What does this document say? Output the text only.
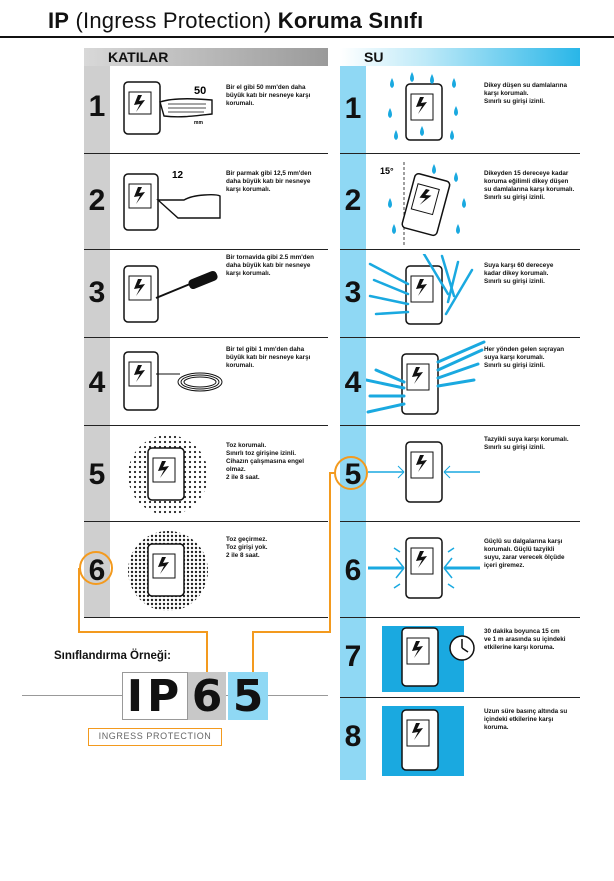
IP (Ingress Protection) Koruma Sınıfı
KATILAR	SU
1
Bir el gibi 50 mm'den daha
büyük katı bir nesneye karşı
korumalı.
50
mm
2
Bir parmak gibi 12,5 mm'den
daha büyük katı bir nesneye
karşı korumalı.
12
3
Bir tornavida gibi 2.5 mm'den
daha büyük katı bir nesneye
karşı korumalı.
4
Bir tel gibi 1 mm'den daha
büyük katı bir nesneye karşı
korumalı.
5
Toz korumalı.
Sınırlı toz girişine izinli.
Cihazın çalışmasına engel
olmaz.
2 ile 8 saat.
6
Toz geçirmez.
Toz girişi yok.
2 ile 8 saat.
1
Dikey düşen su damlalarına
karşı korumalı.
Sınırlı su girişi izinli.
2
Dikeyden 15 dereceye kadar
koruma eğilimli dikey düşen
su damlalarına karşı korumalı.
Sınırlı su girişi izinli.
15°
3
Suya karşı 60 dereceye
kadar dikey korumalı.
Sınırlı su girişi izinli.
4
Her yönden gelen sıçrayan
suya karşı korumalı.
Sınırlı su girişi izinli.
5
Tazyikli suya karşı korumalı.
Sınırlı su girişi izinli.
6
Güçlü su dalgalarına karşı
korumalı. Güçlü tazyikli
suyu, zarar verecek ölçüde
içeri giremez.
7
30 dakika boyunca 15 cm
ve 1 m arasında su içindeki
etkilerine karşı koruma.
8
Uzun süre basınç altında su
içindeki etkilerine karşı
koruma.
Sınıflandırma Örneği:
IP 6 5
INGRESS PROTECTION
